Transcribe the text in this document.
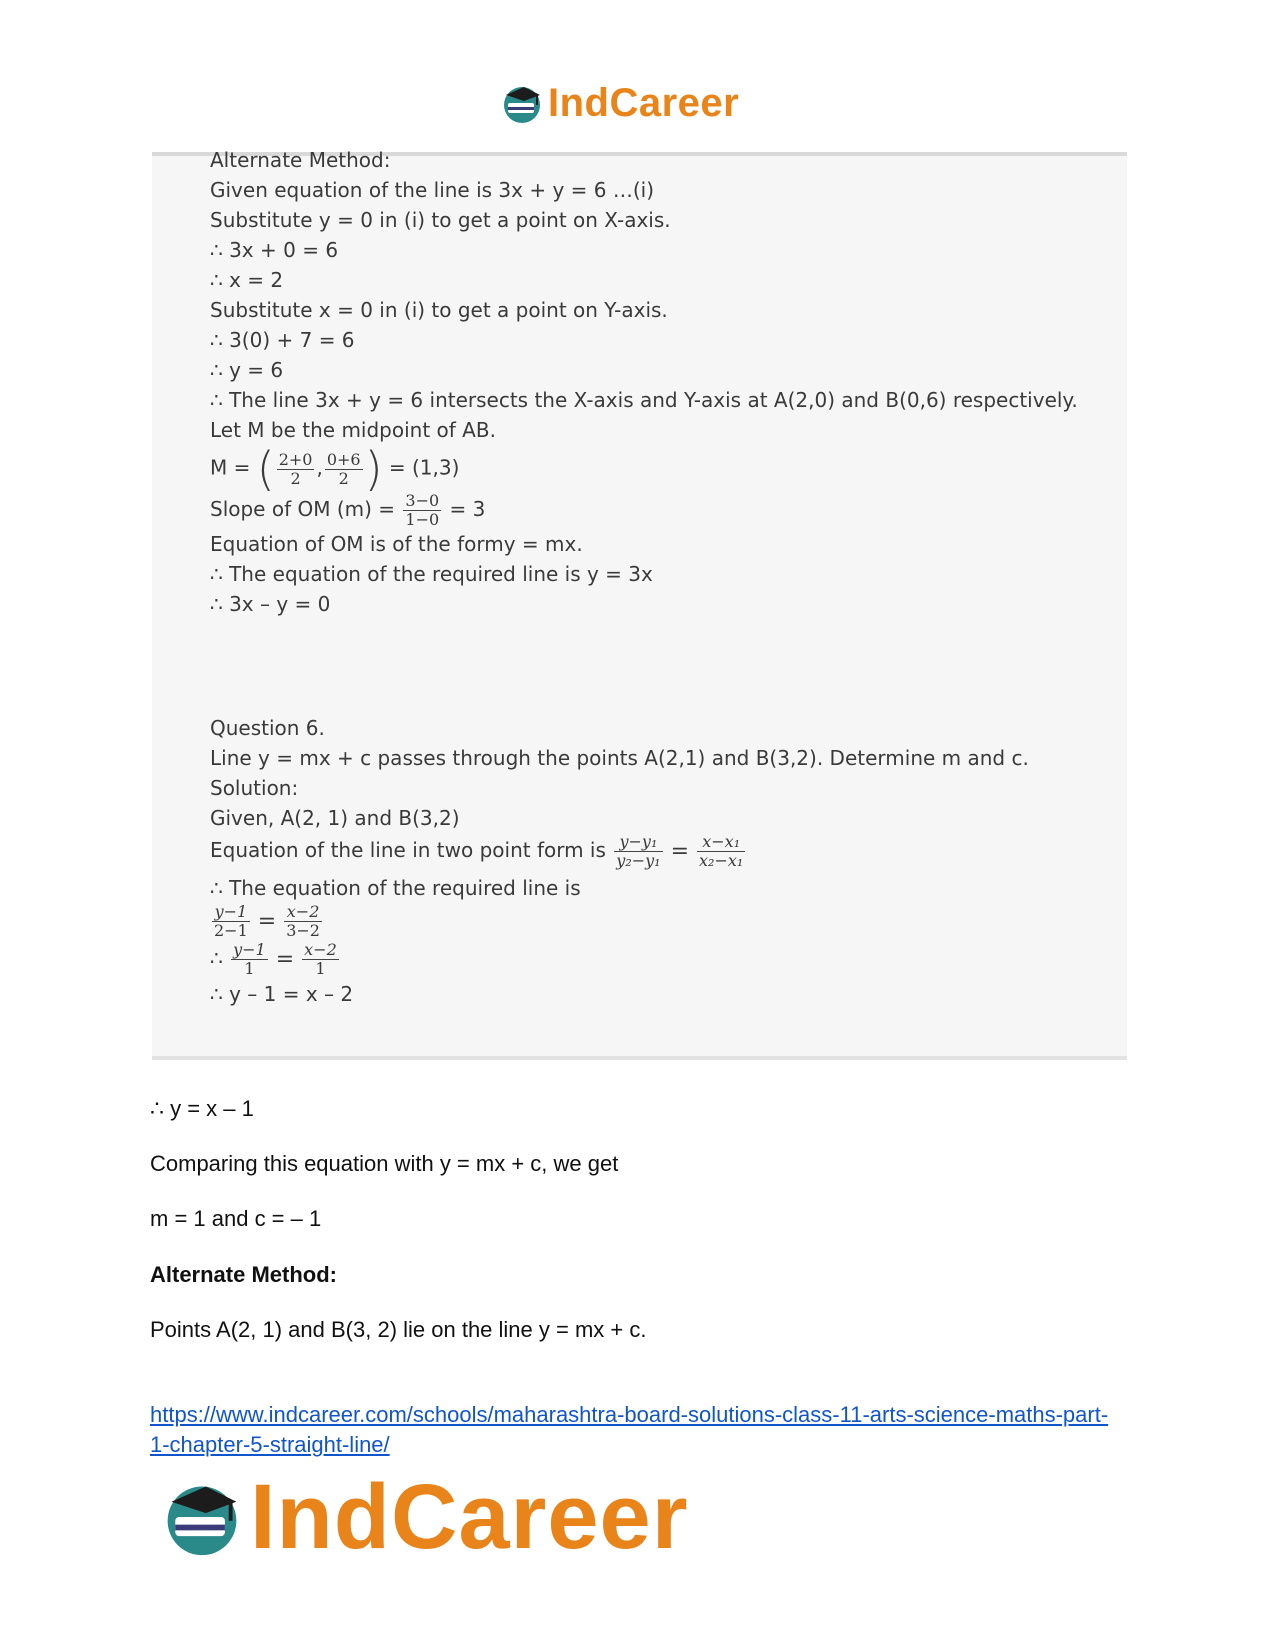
IndCareer
Alternate Method:
Given equation of the line is 3x + y = 6 …(i)
Substitute y = 0 in (i) to get a point on X-axis.
∴ 3x + 0 = 6
∴ x = 2
Substitute x = 0 in (i) to get a point on Y-axis.
∴ 3(0) + 7 = 6
∴ y = 6
∴ The line 3x + y = 6 intersects the X-axis and Y-axis at A(2,0) and B(0,6) respectively.
Let M be the midpoint of AB.
M = ( $\frac{2+0}{2}$ , $\frac{0+6}{2}$ ) = (1,3)
Slope of OM $(m) = \frac{3-0}{1-0} = 3$
Equation of OM is of the formy = mx.
∴ The equation of the required line is y = 3x
∴ 3x – y = 0
Question 6.
Line y = mx + c passes through the points A(2,1) and B(3,2). Determine m and c.
Solution:
Given, A(2, 1) and B(3,2)
Equation of the line in two point form is $\frac{\text{y−y₁}}{\text{y₂−y₁}} = \frac{\text{x−x₁}}{\text{x₂−x₁}}$
∴ The equation of the required line is
$\frac{y-1}{2-1} = \frac{x-2}{3-2}$
∴ $\frac{y-1}{1} = \frac{x-2}{1}$
∴ y – 1 = x – 2
∴ y = x – 1
Comparing this equation with y = mx + c, we get
m = 1 and c = – 1
Alternate Method:
Points A(2, 1) and B(3, 2) lie on the line y = mx + c.
https://www.indcareer.com/schools/maharashtra-board-solutions-class-11-arts-science-maths-part-1-chapter-5-straight-line/
IndCareer
